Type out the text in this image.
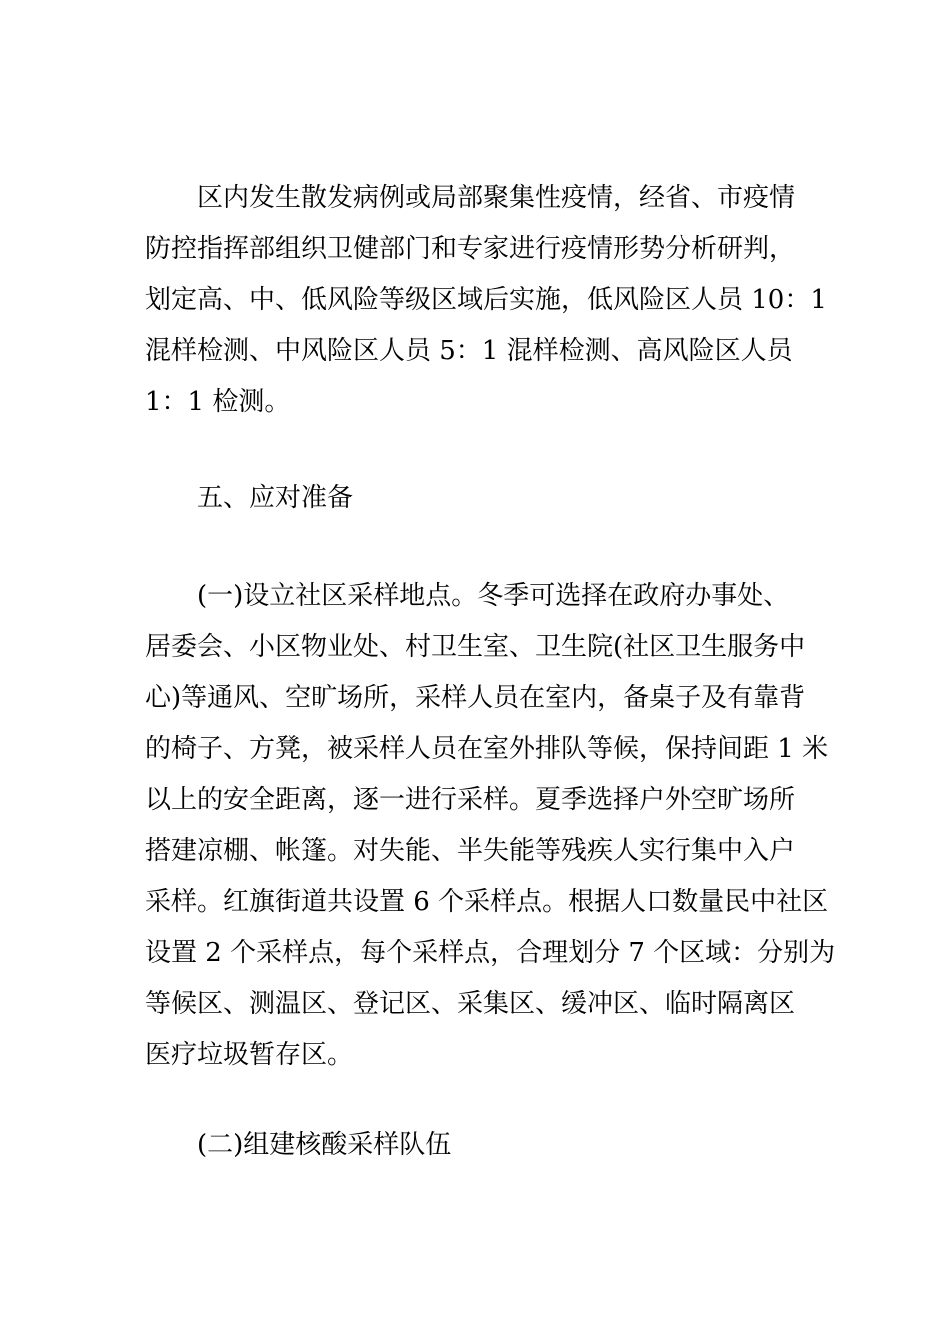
区内发生散发病例或局部聚集性疫情，经省、市疫情
防控指挥部组织卫健部门和专家进行疫情形势分析研判，
划定高、中、低风险等级区域后实施，低风险区人员 10：1
混样检测、中风险区人员 5：1 混样检测、高风险区人员
1：1 检测。
五、应对准备
(一)设立社区采样地点。冬季可选择在政府办事处、
居委会、小区物业处、村卫生室、卫生院(社区卫生服务中
心)等通风、空旷场所，采样人员在室内，备桌子及有靠背
的椅子、方凳，被采样人员在室外排队等候，保持间距 1 米
以上的安全距离，逐一进行采样。夏季选择户外空旷场所
搭建凉棚、帐篷。对失能、半失能等残疾人实行集中入户
采样。红旗街道共设置 6 个采样点。根据人口数量民中社区
设置 2 个采样点，每个采样点，合理划分 7 个区域：分别为
等候区、测温区、登记区、采集区、缓冲区、临时隔离区
医疗垃圾暂存区。
(二)组建核酸采样队伍
